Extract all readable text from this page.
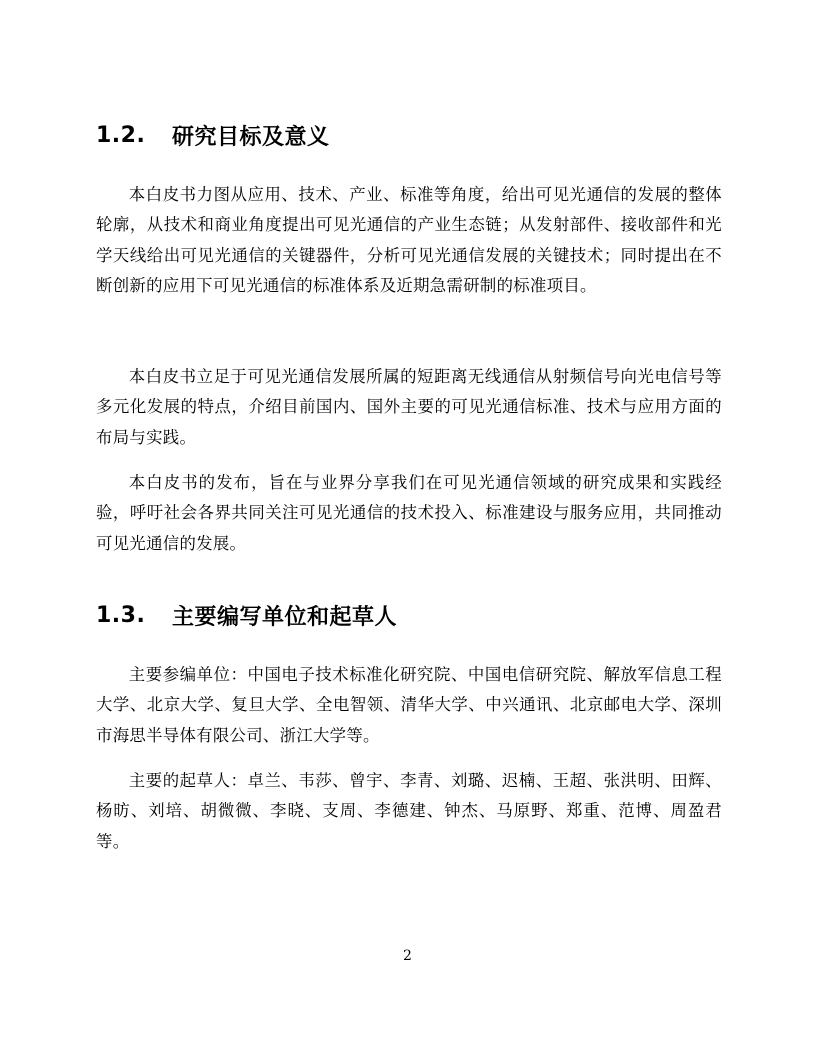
1.2.	研究目标及意义

本白皮书力图从应用、技术、产业、标准等角度，给出可见光通信的发展的整体轮廓，从技术和商业角度提出可见光通信的产业生态链；从发射部件、接收部件和光学天线给出可见光通信的关键器件，分析可见光通信发展的关键技术；同时提出在不断创新的应用下可见光通信的标准体系及近期急需研制的标准项目。

本白皮书立足于可见光通信发展所属的短距离无线通信从射频信号向光电信号等多元化发展的特点，介绍目前国内、国外主要的可见光通信标准、技术与应用方面的布局与实践。

本白皮书的发布，旨在与业界分享我们在可见光通信领域的研究成果和实践经验，呼吁社会各界共同关注可见光通信的技术投入、标准建设与服务应用，共同推动可见光通信的发展。

1.3.	主要编写单位和起草人

主要参编单位：中国电子技术标准化研究院、中国电信研究院、解放军信息工程大学、北京大学、复旦大学、全电智领、清华大学、中兴通讯、北京邮电大学、深圳市海思半导体有限公司、浙江大学等。

主要的起草人：卓兰、韦莎、曾宇、李青、刘璐、迟楠、王超、张洪明、田辉、杨昉、刘培、胡微微、李晓、支周、李德建、钟杰、马原野、郑重、范博、周盈君等。

2
